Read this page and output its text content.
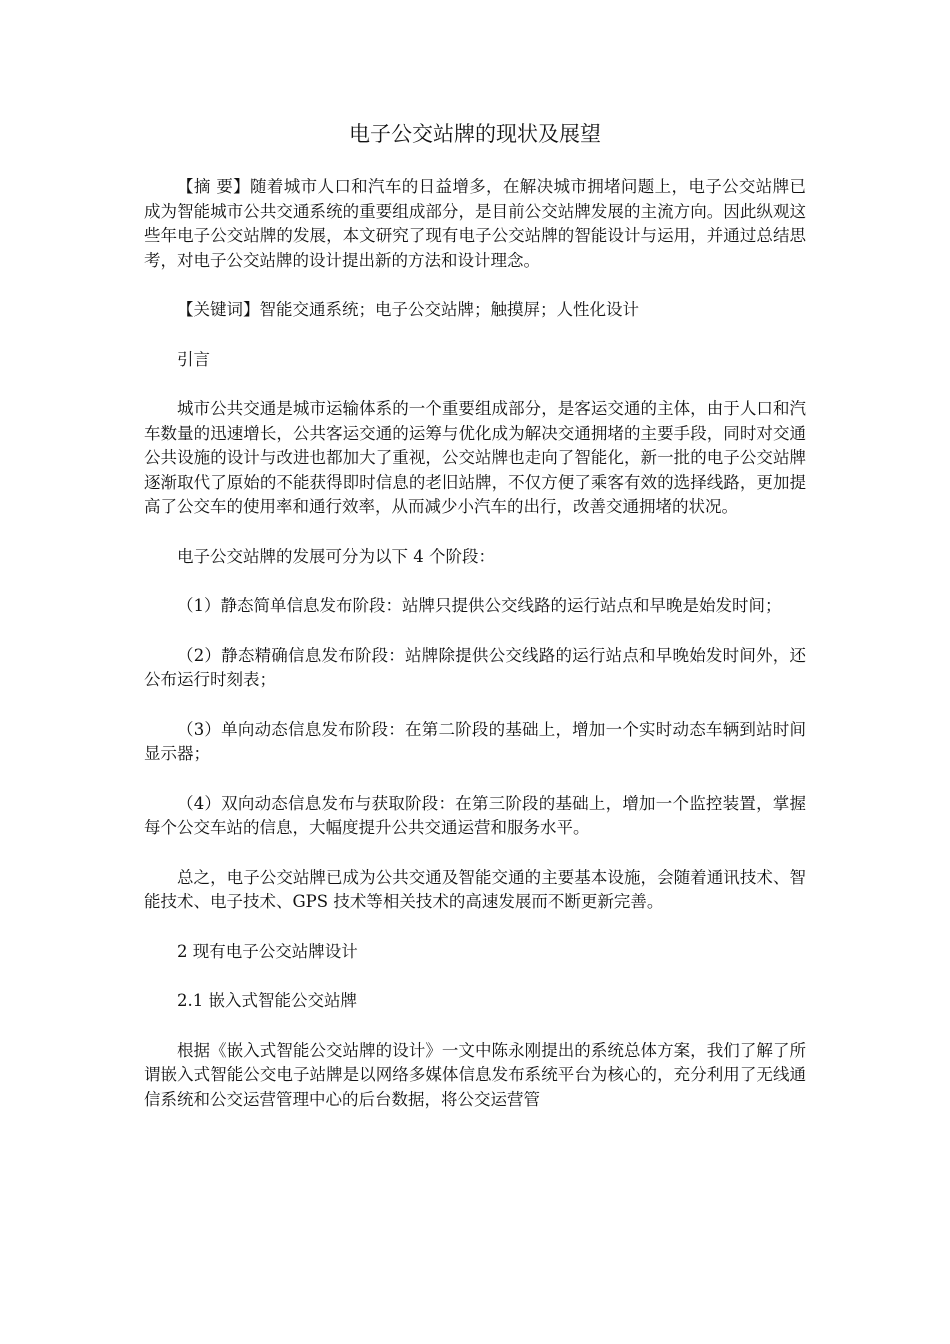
电子公交站牌的现状及展望

【摘 要】随着城市人口和汽车的日益增多，在解决城市拥堵问题上，电子公交站牌已成为智能城市公共交通系统的重要组成部分，是目前公交站牌发展的主流方向。因此纵观这些年电子公交站牌的发展，本文研究了现有电子公交站牌的智能设计与运用，并通过总结思考，对电子公交站牌的设计提出新的方法和设计理念。

【关键词】智能交通系统；电子公交站牌；触摸屏；人性化设计

引言

城市公共交通是城市运输体系的一个重要组成部分，是客运交通的主体，由于人口和汽车数量的迅速增长，公共客运交通的运筹与优化成为解决交通拥堵的主要手段，同时对交通公共设施的设计与改进也都加大了重视，公交站牌也走向了智能化，新一批的电子公交站牌逐渐取代了原始的不能获得即时信息的老旧站牌，不仅方便了乘客有效的选择线路，更加提高了公交车的使用率和通行效率，从而减少小汽车的出行，改善交通拥堵的状况。

电子公交站牌的发展可分为以下 4 个阶段：

（1）静态简单信息发布阶段：站牌只提供公交线路的运行站点和早晚是始发时间；

（2）静态精确信息发布阶段：站牌除提供公交线路的运行站点和早晚始发时间外，还公布运行时刻表；

（3）单向动态信息发布阶段：在第二阶段的基础上，增加一个实时动态车辆到站时间显示器；

（4）双向动态信息发布与获取阶段：在第三阶段的基础上，增加一个监控装置，掌握每个公交车站的信息，大幅度提升公共交通运营和服务水平。

总之，电子公交站牌已成为公共交通及智能交通的主要基本设施，会随着通讯技术、智能技术、电子技术、GPS 技术等相关技术的高速发展而不断更新完善。

2 现有电子公交站牌设计

2.1 嵌入式智能公交站牌

根据《嵌入式智能公交站牌的设计》一文中陈永刚提出的系统总体方案，我们了解了所谓嵌入式智能公交电子站牌是以网络多媒体信息发布系统平台为核心的，充分利用了无线通信系统和公交运营管理中心的后台数据，将公交运营管
